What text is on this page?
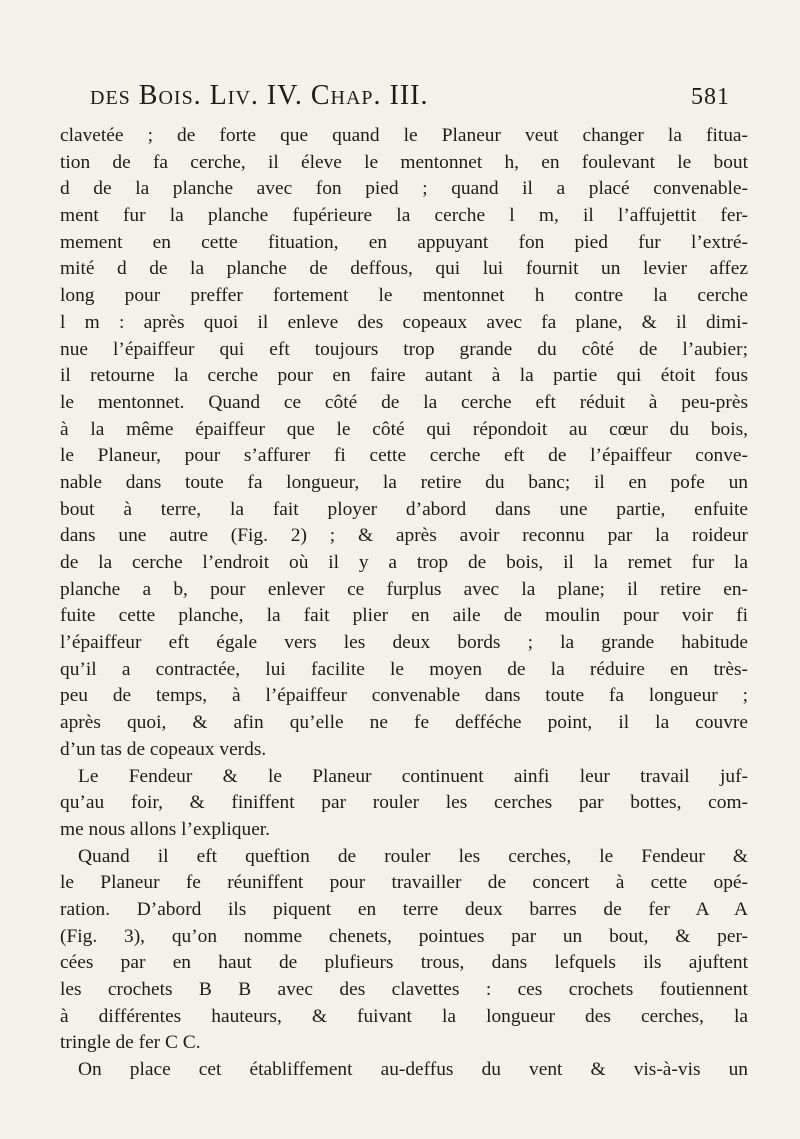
des Bois. Liv. IV. Chap. III.	581
clavetée ; de forte que quand le Planeur veut changer la fitua-
tion de fa cerche, il éleve le mentonnet h, en foulevant le bout
d de la planche avec fon pied ; quand il a placé convenable-
ment fur la planche fupérieure la cerche l m, il l’affujettit fer-
mement en cette fituation, en appuyant fon pied fur l’extré-
mité d de la planche de deffous, qui lui fournit un levier affez
long pour preffer fortement le mentonnet h contre la cerche
l m : après quoi il enleve des copeaux avec fa plane, & il dimi-
nue l’épaiffeur qui eft toujours trop grande du côté de l’aubier;
il retourne la cerche pour en faire autant à la partie qui étoit fous
le mentonnet. Quand ce côté de la cerche eft réduit à peu-près
à la même épaiffeur que le côté qui répondoit au cœur du bois,
le Planeur, pour s’affurer fi cette cerche eft de l’épaiffeur conve-
nable dans toute fa longueur, la retire du banc; il en pofe un
bout à terre, la fait ployer d’abord dans une partie, enfuite
dans une autre (Fig. 2) ; & après avoir reconnu par la roideur
de la cerche l’endroit où il y a trop de bois, il la remet fur la
planche a b, pour enlever ce furplus avec la plane; il retire en-
fuite cette planche, la fait plier en aile de moulin pour voir fi
l’épaiffeur eft égale vers les deux bords ; la grande habitude
qu’il a contractée, lui facilite le moyen de la réduire en très-
peu de temps, à l’épaiffeur convenable dans toute fa longueur ;
après quoi, & afin qu’elle ne fe defféche point, il la couvre
d’un tas de copeaux verds.
Le Fendeur & le Planeur continuent ainfi leur travail juf-
qu’au foir, & finiffent par rouler les cerches par bottes, com-
me nous allons l’expliquer.
Quand il eft queftion de rouler les cerches, le Fendeur &
le Planeur fe réuniffent pour travailler de concert à cette opé-
ration. D’abord ils piquent en terre deux barres de fer A A
(Fig. 3), qu’on nomme chenets, pointues par un bout, & per-
cées par en haut de plufieurs trous, dans lefquels ils ajuftent
les crochets B B avec des clavettes : ces crochets foutiennent
à différentes hauteurs, & fuivant la longueur des cerches, la
tringle de fer C C.
On place cet établiffement au-deffus du vent & vis-à-vis un
